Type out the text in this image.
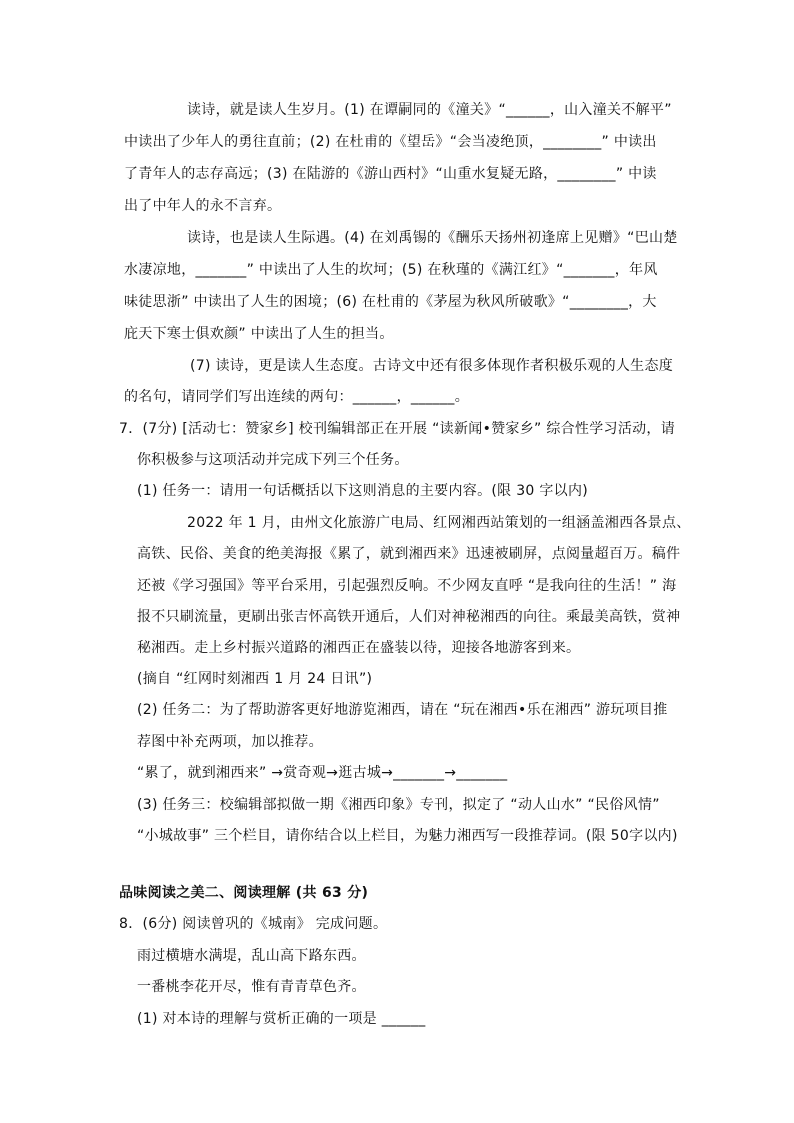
读诗，就是读人生岁月。(1) 在谭嗣同的《潼关》“______，山入潼关不解平”
中读出了少年人的勇往直前；(2) 在杜甫的《望岳》“会当凌绝顶，________” 中读出
了青年人的志存高远；(3) 在陆游的《游山西村》“山重水复疑无路，________” 中读
出了中年人的永不言弃。
读诗，也是读人生际遇。(4) 在刘禹锡的《酬乐天扬州初逢席上见赠》“巴山楚
水凄凉地，_______” 中读出了人生的坎坷；(5) 在秋瑾的《满江红》“_______，年风
味徒思浙” 中读出了人生的困境；(6) 在杜甫的《茅屋为秋风所破歌》“________，大
庇天下寒士俱欢颜” 中读出了人生的担当。
(7) 读诗，更是读人生态度。古诗文中还有很多体现作者积极乐观的人生态度
的名句，请同学们写出连续的两句：______，______。
7．(7分) [活动七：赞家乡] 校刊编辑部正在开展 “读新闻•赞家乡” 综合性学习活动，请
你积极参与这项活动并完成下列三个任务。
(1) 任务一：请用一句话概括以下这则消息的主要内容。(限 30 字以内)
2022 年 1 月，由州文化旅游广电局、红网湘西站策划的一组涵盖湘西各景点、
高铁、民俗、美食的绝美海报《累了，就到湘西来》迅速被刷屏，点阅量超百万。稿件
还被《学习强国》等平台采用，引起强烈反响。不少网友直呼 “是我向往的生活！” 海
报不只刷流量，更刷出张吉怀高铁开通后，人们对神秘湘西的向往。乘最美高铁，赏神
秘湘西。走上乡村振兴道路的湘西正在盛装以待，迎接各地游客到来。
(摘自 “红网时刻湘西 1 月 24 日讯”)
(2) 任务二：为了帮助游客更好地游览湘西，请在 “玩在湘西•乐在湘西” 游玩项目推
荐图中补充两项，加以推荐。
“累了，就到湘西来” →赏奇观→逛古城→_______→_______
(3) 任务三：校编辑部拟做一期《湘西印象》专刊，拟定了 “动人山水” “民俗风情”
“小城故事” 三个栏目，请你结合以上栏目，为魅力湘西写一段推荐词。(限 50字以内)
品味阅读之美二、阅读理解 (共 63 分)
8．(6分) 阅读曾巩的《城南》 完成问题。
雨过横塘水满堤，乱山高下路东西。
一番桃李花开尽，惟有青青草色齐。
(1) 对本诗的理解与赏析正确的一项是 ______
